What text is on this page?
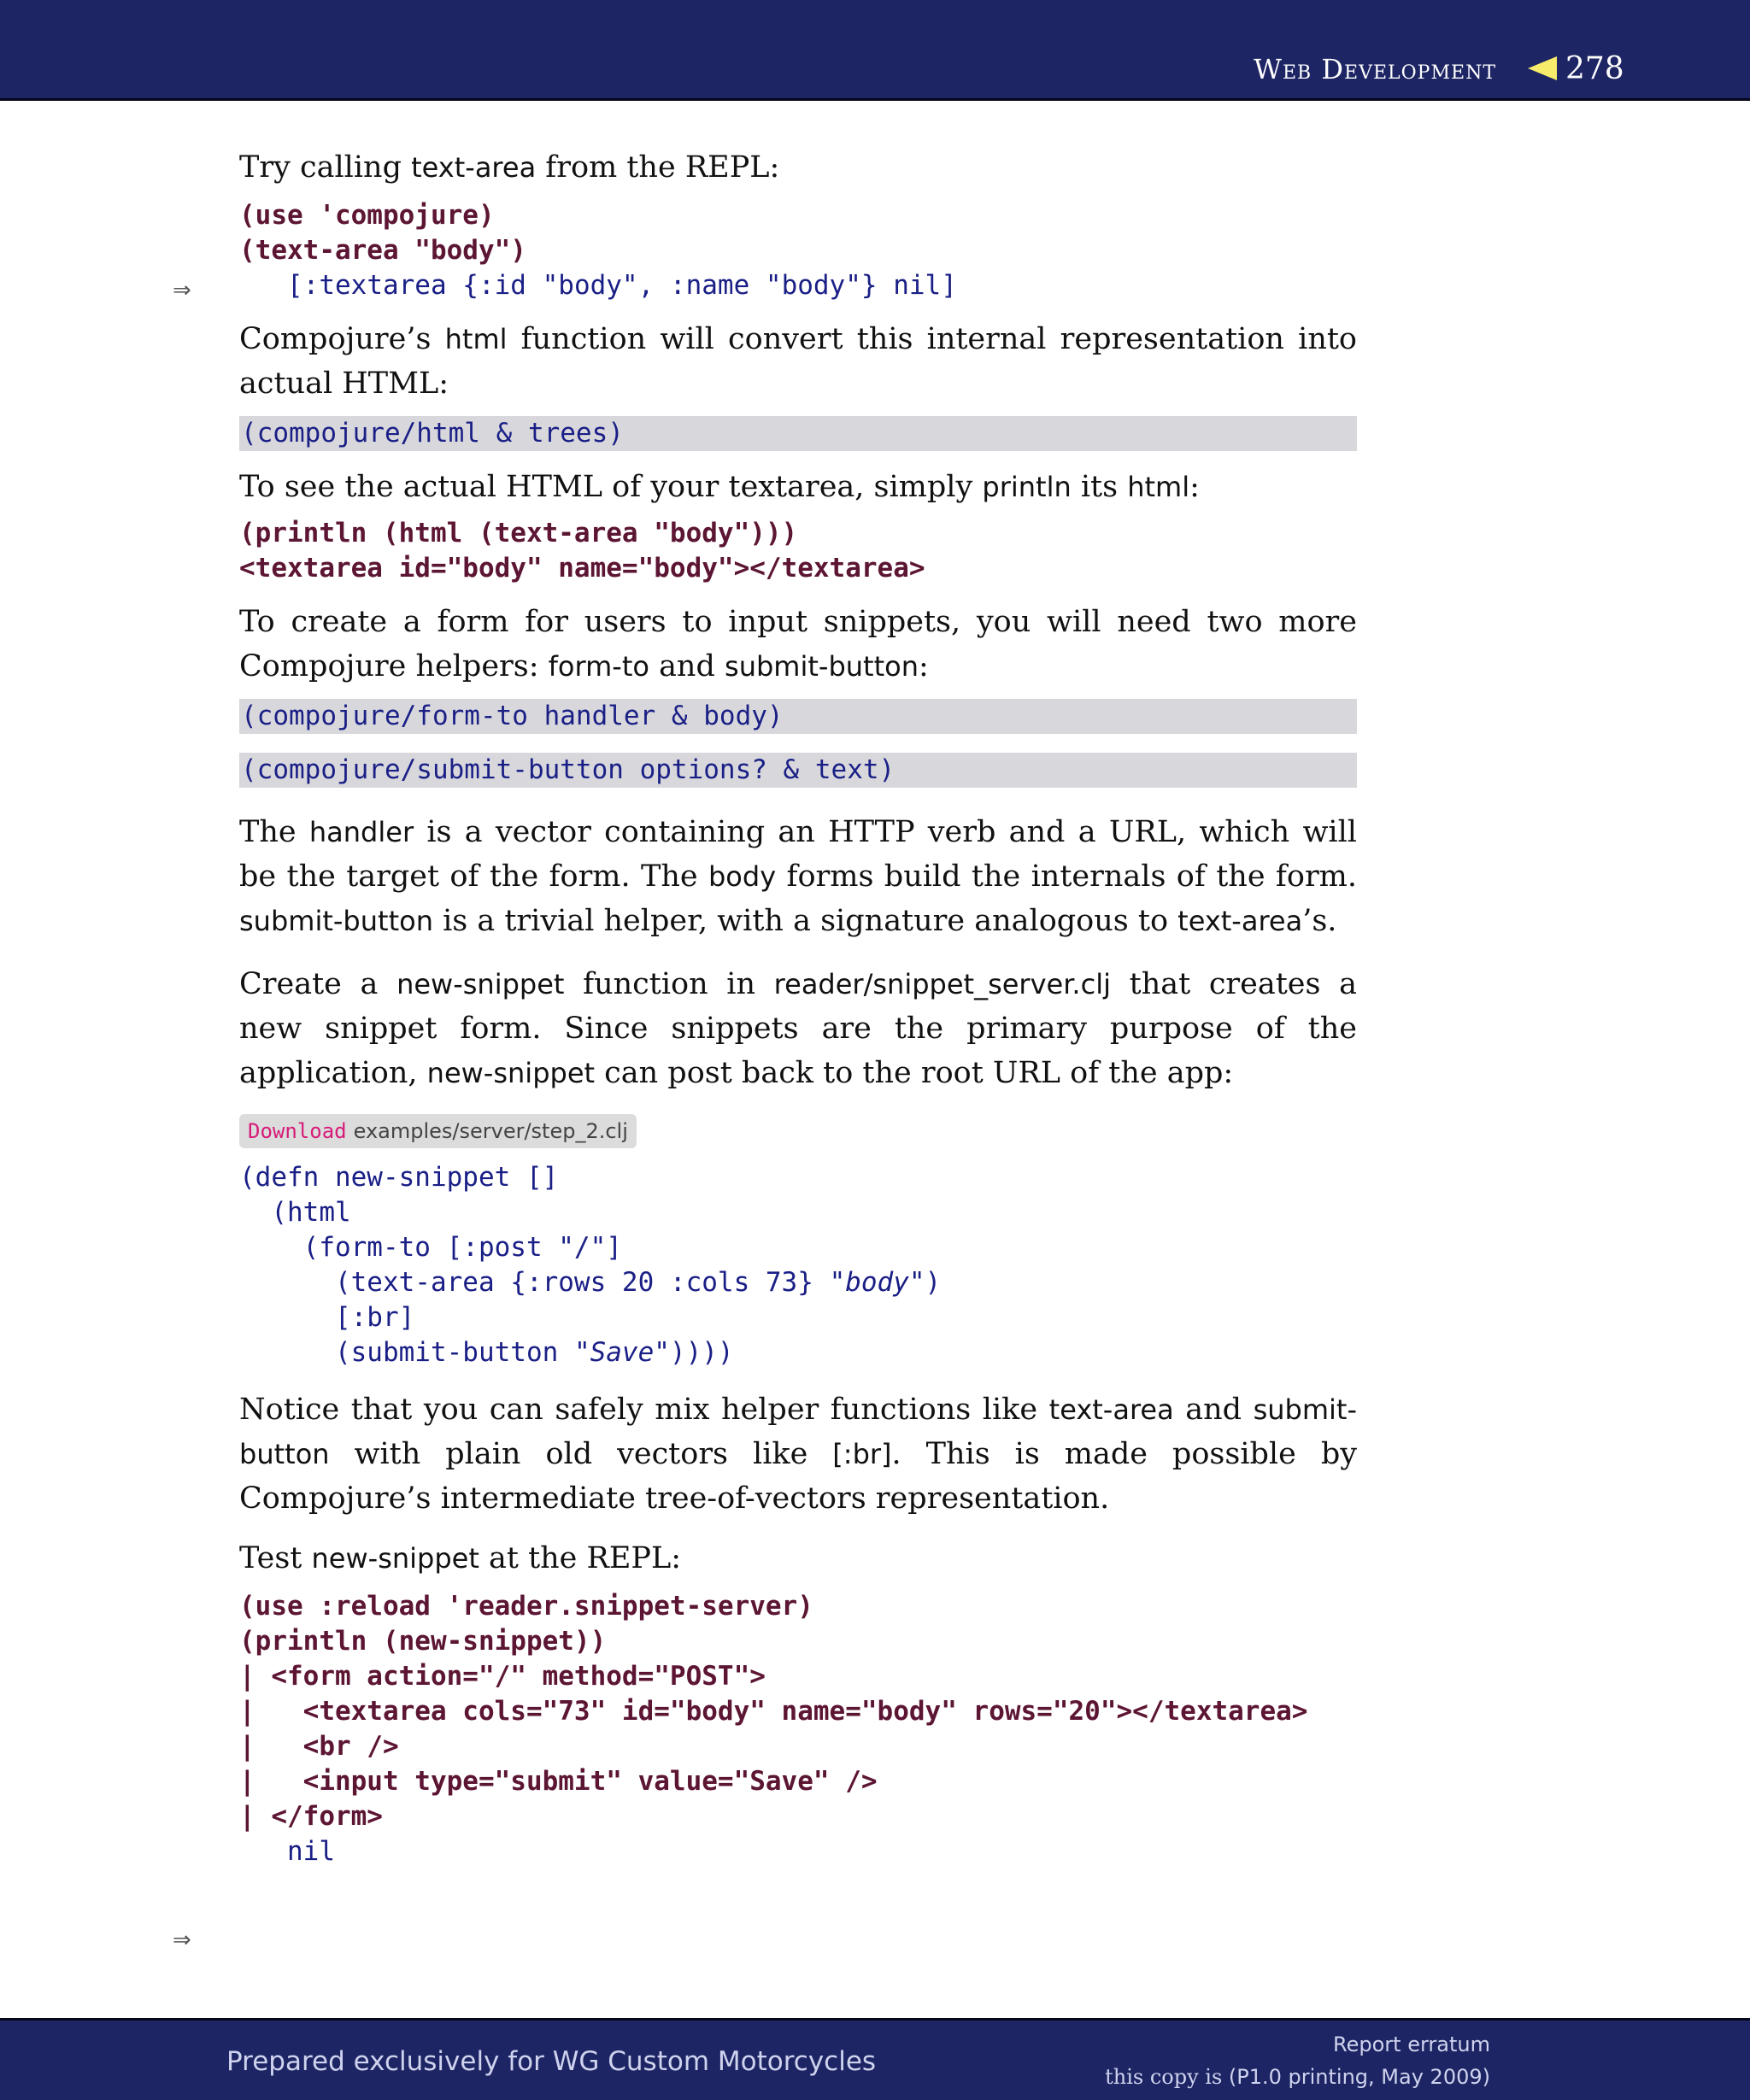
Web Development 278
⇒
⇒

Try calling text-area from the REPL:

(use 'compojure)
(text-area "body")
[:textarea {:id "body", :name "body"} nil]

Compojure’s html function will convert this internal representation into actual HTML:

(compojure/html & trees)

To see the actual HTML of your textarea, simply println its html:

(println (html (text-area "body")))
<textarea id="body" name="body"></textarea>

To create a form for users to input snippets, you will need two more Compojure helpers: form-to and submit-button:

(compojure/form-to handler & body)
(compojure/submit-button options? & text)

The handler is a vector containing an HTTP verb and a URL, which will be the target of the form. The body forms build the internals of the form. submit-button is a trivial helper, with a signature analogous to text-area’s.

Create a new-snippet function in reader/snippet_server.clj that creates a new snippet form. Since snippets are the primary purpose of the application, new-snippet can post back to the root URL of the app:

Download examples/server/step_2.clj
(defn new-snippet []
(html
(form-to [:post "/"]
(text-area {:rows 20 :cols 73} "body")
[:br]
(submit-button "Save"))))

Notice that you can safely mix helper functions like text-area and submit-button with plain old vectors like [:br]. This is made possible by Compojure’s intermediate tree-of-vectors representation.

Test new-snippet at the REPL:

(use :reload 'reader.snippet-server)
(println (new-snippet))
| <form action="/" method="POST">
|   <textarea cols="73" id="body" name="body" rows="20"></textarea>
|   <br />
|   <input type="submit" value="Save" />
| </form>
nil
Prepared exclusively for WG Custom Motorcycles
Report erratum
this copy is (P1.0 printing, May 2009)
